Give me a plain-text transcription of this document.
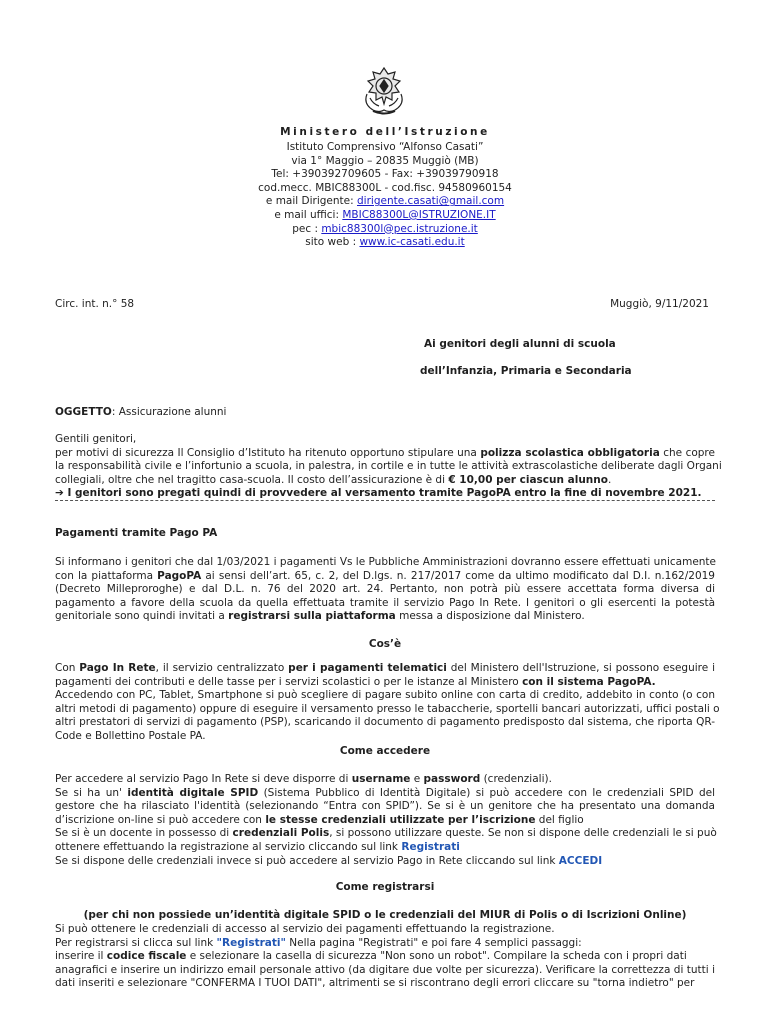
Ministero dell’Istruzione
Istituto Comprensivo “Alfonso Casati”
via 1° Maggio – 20835 Muggiò (MB)
Tel: +390392709605 - Fax: +39039790918
cod.mecc. MBIC88300L - cod.fisc. 94580960154
e mail Dirigente: dirigente.casati@gmail.com
e mail uffici: MBIC88300L@ISTRUZIONE.IT
pec : mbic88300l@pec.istruzione.it
sito web : www.ic-casati.edu.it
Circ. int. n.° 58	Muggiò, 9/11/2021
Ai genitori degli alunni di scuola
dell’Infanzia, Primaria e Secondaria
OGGETTO: Assicurazione alunni
Gentili genitori,
per motivi di sicurezza Il Consiglio d’Istituto ha ritenuto opportuno stipulare una polizza scolastica obbligatoria che copre
la responsabilità civile e l’infortunio a scuola, in palestra, in cortile e in tutte le attività extrascolastiche deliberate dagli Organi
collegiali, oltre che nel tragitto casa-scuola. Il costo dell’assicurazione è di € 10,00 per ciascun alunno.
➔ I genitori sono pregati quindi di provvedere al versamento tramite PagoPA entro la fine di novembre 2021.
Pagamenti tramite Pago PA
Si informano i genitori che dal 1/03/2021 i pagamenti Vs le Pubbliche Amministrazioni dovranno essere effettuati unicamente
con la piattaforma PagoPA ai sensi dell’art. 65, c. 2, del D.lgs. n. 217/2017 come da ultimo modificato dal D.I. n.162/2019
(Decreto Milleproroghe) e dal D.L. n. 76 del 2020 art. 24. Pertanto, non potrà più essere accettata forma diversa di
pagamento a favore della scuola da quella effettuata tramite il servizio Pago In Rete. I genitori o gli esercenti la potestà
genitoriale sono quindi invitati a registrarsi sulla piattaforma messa a disposizione dal Ministero.
Cos’è
Con Pago In Rete, il servizio centralizzato per i pagamenti telematici del Ministero dell'Istruzione, si possono eseguire i
pagamenti dei contributi e delle tasse per i servizi scolastici o per le istanze al Ministero con il sistema PagoPA.
Accedendo con PC, Tablet, Smartphone si può scegliere di pagare subito online con carta di credito, addebito in conto (o con
altri metodi di pagamento) oppure di eseguire il versamento presso le tabaccherie, sportelli bancari autorizzati, uffici postali o
altri prestatori di servizi di pagamento (PSP), scaricando il documento di pagamento predisposto dal sistema, che riporta QR-
Code e Bollettino Postale PA.
Come accedere
Per accedere al servizio Pago In Rete si deve disporre di username e password (credenziali).
Se si ha un' identità digitale SPID (Sistema Pubblico di Identità Digitale) si può accedere con le credenziali SPID del
gestore che ha rilasciato l'identità (selezionando “Entra con SPID”). Se si è un genitore che ha presentato una domanda
d’iscrizione on-line si può accedere con le stesse credenziali utilizzate per l’iscrizione del figlio
Se si è un docente in possesso di credenziali Polis, si possono utilizzare queste. Se non si dispone delle credenziali le si può
ottenere effettuando la registrazione al servizio cliccando sul link Registrati
Se si dispone delle credenziali invece si può accedere al servizio Pago in Rete cliccando sul link ACCEDI
Come registrarsi
(per chi non possiede un’identità digitale SPID o le credenziali del MIUR di Polis o di Iscrizioni Online)
Si può ottenere le credenziali di accesso al servizio dei pagamenti effettuando la registrazione.
Per registrarsi si clicca sul link "Registrati" Nella pagina "Registrati" e poi fare 4 semplici passaggi:
inserire il codice fiscale e selezionare la casella di sicurezza "Non sono un robot". Compilare la scheda con i propri dati
anagrafici e inserire un indirizzo email personale attivo (da digitare due volte per sicurezza). Verificare la correttezza di tutti i
dati inseriti e selezionare "CONFERMA I TUOI DATI", altrimenti se si riscontrano degli errori cliccare su "torna indietro" per
